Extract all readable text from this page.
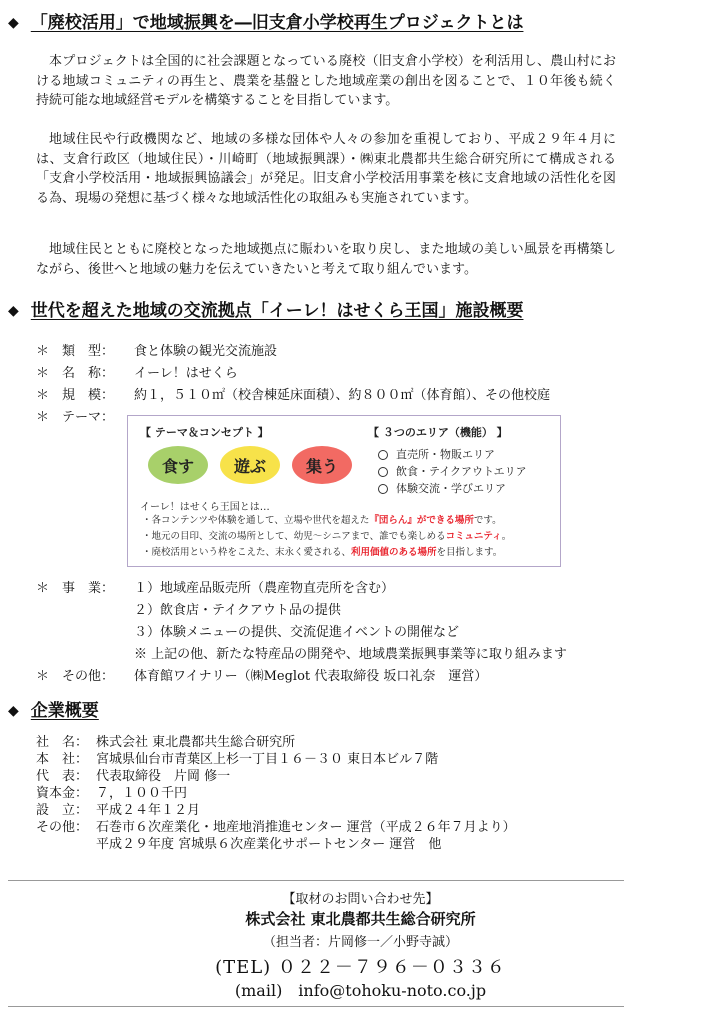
◆ 「廃校活用」で地域振興を―旧支倉小学校再生プロジェクトとは

本プロジェクトは全国的に社会課題となっている廃校（旧支倉小学校）を利活用し、農山村における地域コミュニティの再生と、農業を基盤とした地域産業の創出を図ることで、１０年後も続く持続可能な地域経営モデルを構築することを目指しています。

地域住民や行政機関など、地域の多様な団体や人々の参加を重視しており、平成２９年４月には、支倉行政区（地域住民）・川崎町（地域振興課）・㈱東北農都共生総合研究所にて構成される「支倉小学校活用・地域振興協議会」が発足。旧支倉小学校活用事業を核に支倉地域の活性化を図る為、現場の発想に基づく様々な地域活性化の取組みも実施されています。

地域住民とともに廃校となった地域拠点に賑わいを取り戻し、また地域の美しい風景を再構築しながら、後世へと地域の魅力を伝えていきたいと考えて取り組んでいます。

◆ 世代を超えた地域の交流拠点「イーレ！はせくら王国」施設概要
＊ 類　型：	食と体験の観光交流施設
＊ 名　称：	イーレ！はせくら
＊ 規　模：	約１，５１０㎡（校舎棟延床面積）、約８００㎡（体育館）、その他校庭
＊ テーマ：
【 テーマ＆コンセプト 】	【 ３つのエリア（機能） 】
食す 遊ぶ 集う
直売所・物販エリア
飲食・テイクアウトエリア
体験交流・学びエリア
イーレ！はせくら王国とは…
・各コンテンツや体験を通して、立場や世代を超えた『団らん』ができる場所です。
・地元の目印、交流の場所として、幼児〜シニアまで、誰でも楽しめるコミュニティ。
・廃校活用という枠をこえた、末永く愛される、利用価値のある場所を目指します。
＊ 事　業：	１）地域産品販売所（農産物直売所を含む）
２）飲食店・テイクアウト品の提供
３）体験メニューの提供、交流促進イベントの開催など
※ 上記の他、新たな特産品の開発や、地域農業振興事業等に取り組みます
＊ その他：	体育館ワイナリー（㈱Meglot 代表取締役 坂口礼奈　運営）
◆ 企業概要
社　名： 株式会社 東北農都共生総合研究所
本　社： 宮城県仙台市青葉区上杉一丁目１６－３０ 東日本ビル７階
代　表： 代表取締役　片岡 修一
資本金： ７，１００千円
設　立： 平成２４年１２月
その他： 石巻市６次産業化・地産地消推進センター 運営（平成２６年７月より）
平成２９年度 宮城県６次産業化サポートセンター 運営　他
【取材のお問い合わせ先】
株式会社 東北農都共生総合研究所
（担当者：片岡修一／小野寺誠）
(TEL) ０２２－７９６－０３３６
(mail)　info@tohoku-noto.co.jp
